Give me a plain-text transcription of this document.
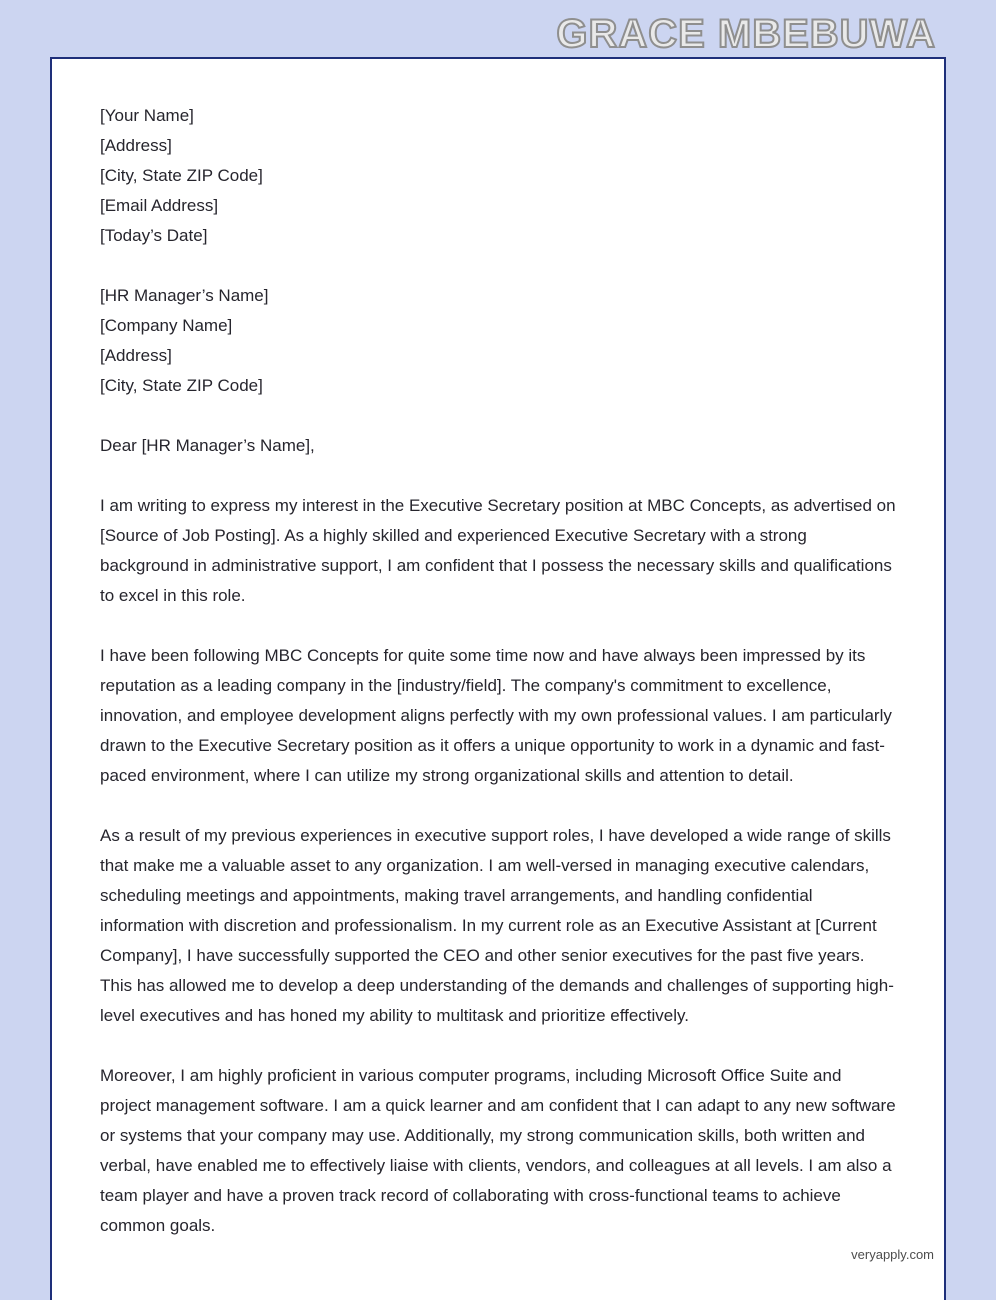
GRACE MBEBUWA
[Your Name]
[Address]
[City, State ZIP Code]
[Email Address]
[Today’s Date]
[HR Manager’s Name]
[Company Name]
[Address]
[City, State ZIP Code]
Dear [HR Manager’s Name],

I am writing to express my interest in the Executive Secretary position at MBC Concepts, as advertised on [Source of Job Posting]. As a highly skilled and experienced Executive Secretary with a strong background in administrative support, I am confident that I possess the necessary skills and qualifications to excel in this role.

I have been following MBC Concepts for quite some time now and have always been impressed by its reputation as a leading company in the [industry/field]. The company's commitment to excellence, innovation, and employee development aligns perfectly with my own professional values. I am particularly drawn to the Executive Secretary position as it offers a unique opportunity to work in a dynamic and fast-paced environment, where I can utilize my strong organizational skills and attention to detail.

As a result of my previous experiences in executive support roles, I have developed a wide range of skills that make me a valuable asset to any organization. I am well-versed in managing executive calendars, scheduling meetings and appointments, making travel arrangements, and handling confidential information with discretion and professionalism. In my current role as an Executive Assistant at [Current Company], I have successfully supported the CEO and other senior executives for the past five years. This has allowed me to develop a deep understanding of the demands and challenges of supporting high-level executives and has honed my ability to multitask and prioritize effectively.

Moreover, I am highly proficient in various computer programs, including Microsoft Office Suite and project management software. I am a quick learner and am confident that I can adapt to any new software or systems that your company may use. Additionally, my strong communication skills, both written and verbal, have enabled me to effectively liaise with clients, vendors, and colleagues at all levels. I am also a team player and have a proven track record of collaborating with cross-functional teams to achieve common goals.

veryapply.com
